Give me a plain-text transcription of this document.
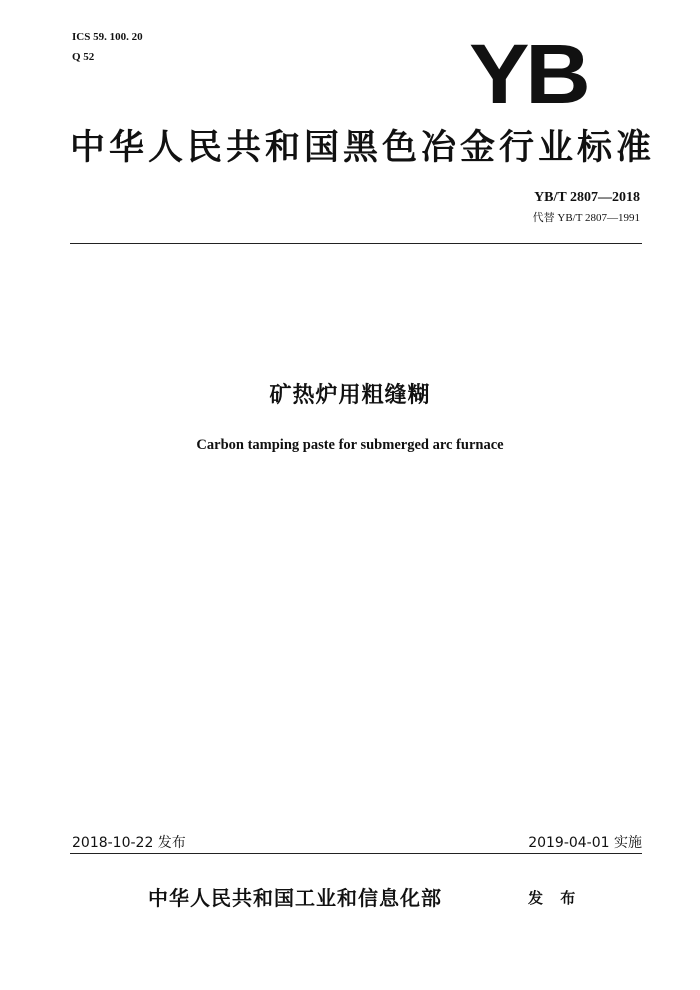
ICS 59. 100. 20
Q 52	YB
中华人民共和国黑色冶金行业标准
YB/T 2807—2018
代替 YB/T 2807—1991
矿热炉用粗缝糊
Carbon tamping paste for submerged arc furnace
2018-10-22 发布	2019-04-01 实施
中华人民共和国工业和信息化部	发 布
